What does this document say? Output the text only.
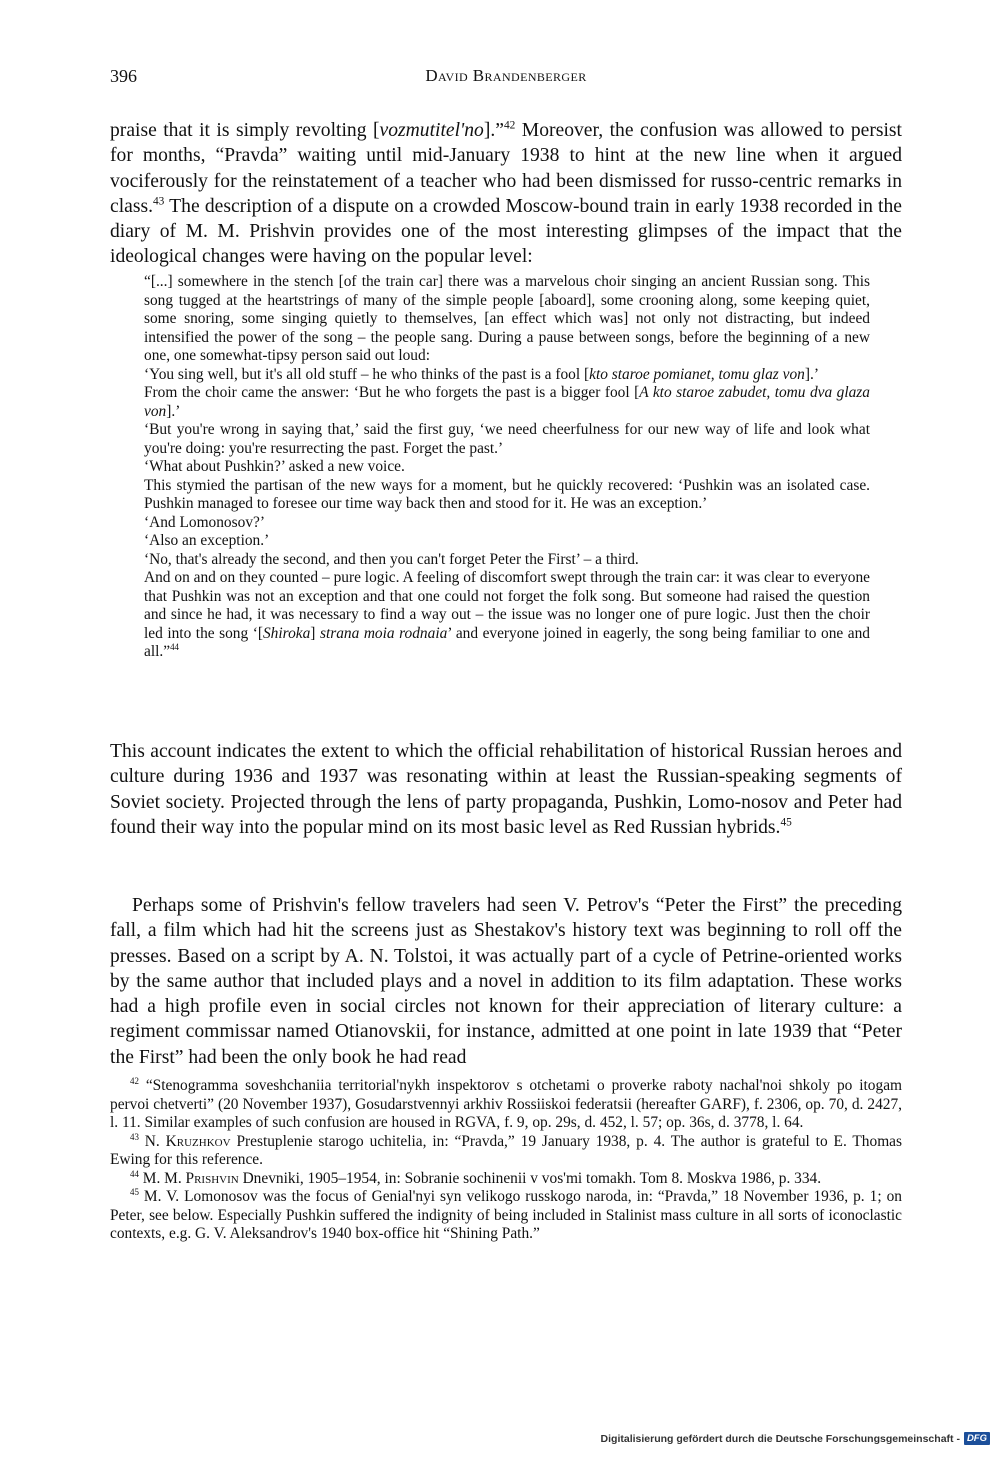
396	David Brandenberger

praise that it is simply revolting [vozmutitel'no].”$^{42}$ Moreover, the confusion was allowed to persist for months, “Pravda” waiting until mid-January 1938 to hint at the new line when it argued vociferously for the reinstatement of a teacher who had been dismissed for russo-centric remarks in class.$^{43}$ The description of a dispute on a crowded Moscow-bound train in early 1938 recorded in the diary of M. M. Prishvin provides one of the most interesting glimpses of the impact that the ideological changes were having on the popular level:

“[...] somewhere in the stench [of the train car] there was a marvelous choir singing an ancient Russian song. This song tugged at the heartstrings of many of the simple people [aboard], some crooning along, some keeping quiet, some snoring, some singing quietly to themselves, [an effect which was] not only not distracting, but indeed intensified the power of the song – the people sang. During a pause between songs, before the beginning of a new one, one somewhat-tipsy person said out loud:

‘You sing well, but it's all old stuff – he who thinks of the past is a fool [kto staroe pomianet, tomu glaz von].’

From the choir came the answer: ‘But he who forgets the past is a bigger fool [A kto staroe zabudet, tomu dva glaza von].’

‘But you're wrong in saying that,’ said the first guy, ‘we need cheerfulness for our new way of life and look what you're doing: you're resurrecting the past. Forget the past.’

‘What about Pushkin?’ asked a new voice.

This stymied the partisan of the new ways for a moment, but he quickly recovered: ‘Pushkin was an isolated case. Pushkin managed to foresee our time way back then and stood for it. He was an exception.’

‘And Lomonosov?’

‘Also an exception.’

‘No, that's already the second, and then you can't forget Peter the First’ – a third.

And on and on they counted – pure logic. A feeling of discomfort swept through the train car: it was clear to everyone that Pushkin was not an exception and that one could not forget the folk song. But someone had raised the question and since he had, it was necessary to find a way out – the issue was no longer one of pure logic. Just then the choir led into the song ‘[Shiroka] strana moia rodnaia’ and everyone joined in eagerly, the song being familiar to one and all.”$^{44}$

This account indicates the extent to which the official rehabilitation of historical Russian heroes and culture during 1936 and 1937 was resonating within at least the Russian-speaking segments of Soviet society. Projected through the lens of party propaganda, Pushkin, Lomo-nosov and Peter had found their way into the popular mind on its most basic level as Red Russian hybrids.$^{45}$

Perhaps some of Prishvin's fellow travelers had seen V. Petrov's “Peter the First” the preceding fall, a film which had hit the screens just as Shestakov's history text was beginning to roll off the presses. Based on a script by A. N. Tolstoi, it was actually part of a cycle of Petrine-oriented works by the same author that included plays and a novel in addition to its film adaptation. These works had a high profile even in social circles not known for their appreciation of literary culture: a regiment commissar named Otianovskii, for instance, admitted at one point in late 1939 that “Peter the First” had been the only book he had read

$^{42}$ “Stenogramma soveshchaniia territorial'nykh inspektorov s otchetami o proverke raboty nachal'noi shkoly po itogam pervoi chetverti” (20 November 1937), Gosudarstvennyi arkhiv Rossiiskoi federatsii (hereafter GARF), f. 2306, op. 70, d. 2427, l. 11. Similar examples of such confusion are housed in RGVA, f. 9, op. 29s, d. 452, l. 57; op. 36s, d. 3778, l. 64.

$^{43}$ N. Kruzhkov Prestuplenie starogo uchitelia, in: “Pravda,” 19 January 1938, p. 4. The author is grateful to E. Thomas Ewing for this reference.

$^{44}$ M. M. Prishvin Dnevniki, 1905–1954, in: Sobranie sochinenii v vos'mi tomakh. Tom 8. Moskva 1986, p. 334.

$^{45}$ M. V. Lomonosov was the focus of Genial'nyi syn velikogo russkogo naroda, in: “Pravda,” 18 November 1936, p. 1; on Peter, see below. Especially Pushkin suffered the indignity of being included in Stalinist mass culture in all sorts of iconoclastic contexts, e.g. G. V. Aleksandrov's 1940 box-office hit “Shining Path.”

Digitalisierung gefördert durch die Deutsche Forschungsgemeinschaft - DFG
